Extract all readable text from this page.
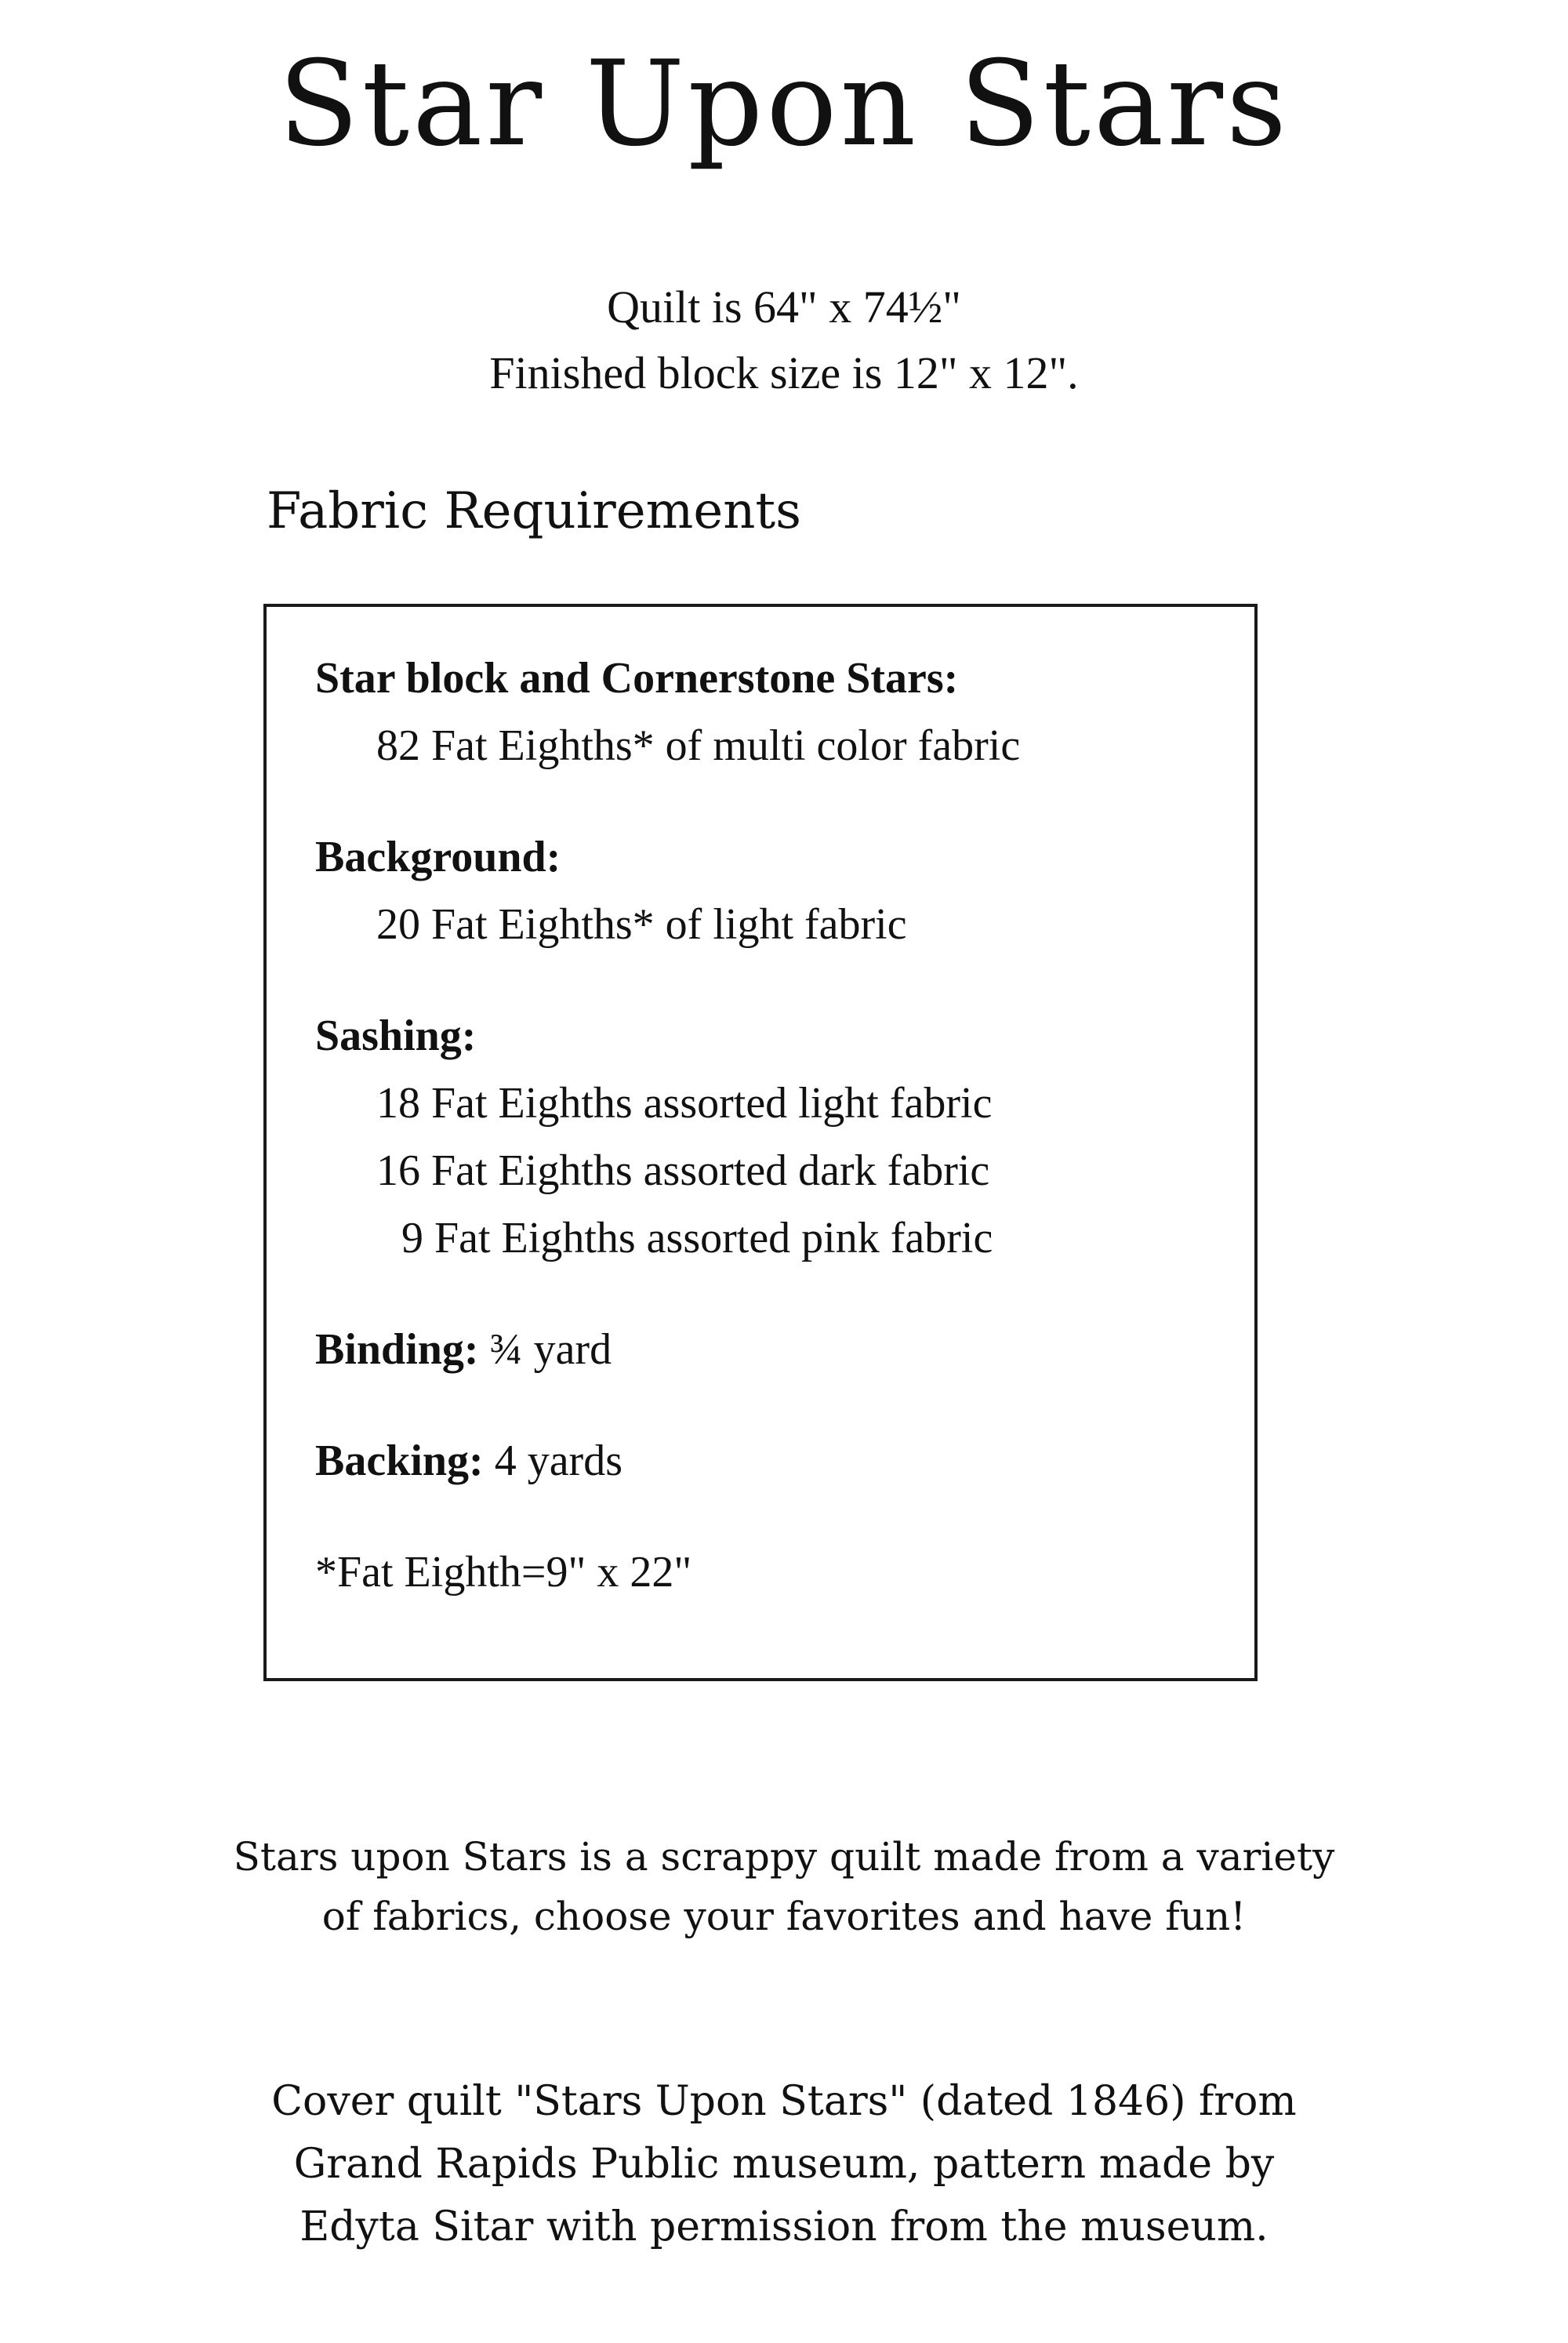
Star Upon Stars
Quilt is 64" x 74½"
Finished block size is 12" x 12".
Fabric Requirements
Star block and Cornerstone Stars:
82 Fat Eighths* of multi color fabric
Background:
20 Fat Eighths* of light fabric
Sashing:
18 Fat Eighths assorted light fabric
16 Fat Eighths assorted dark fabric
9 Fat Eighths assorted pink fabric
Binding: ¾ yard
Backing: 4 yards
*Fat Eighth=9" x 22"
Stars upon Stars is a scrappy quilt made from a variety
of fabrics, choose your favorites and have fun!
Cover quilt "Stars Upon Stars" (dated 1846) from
Grand Rapids Public museum, pattern made by
Edyta Sitar with permission from the museum.
